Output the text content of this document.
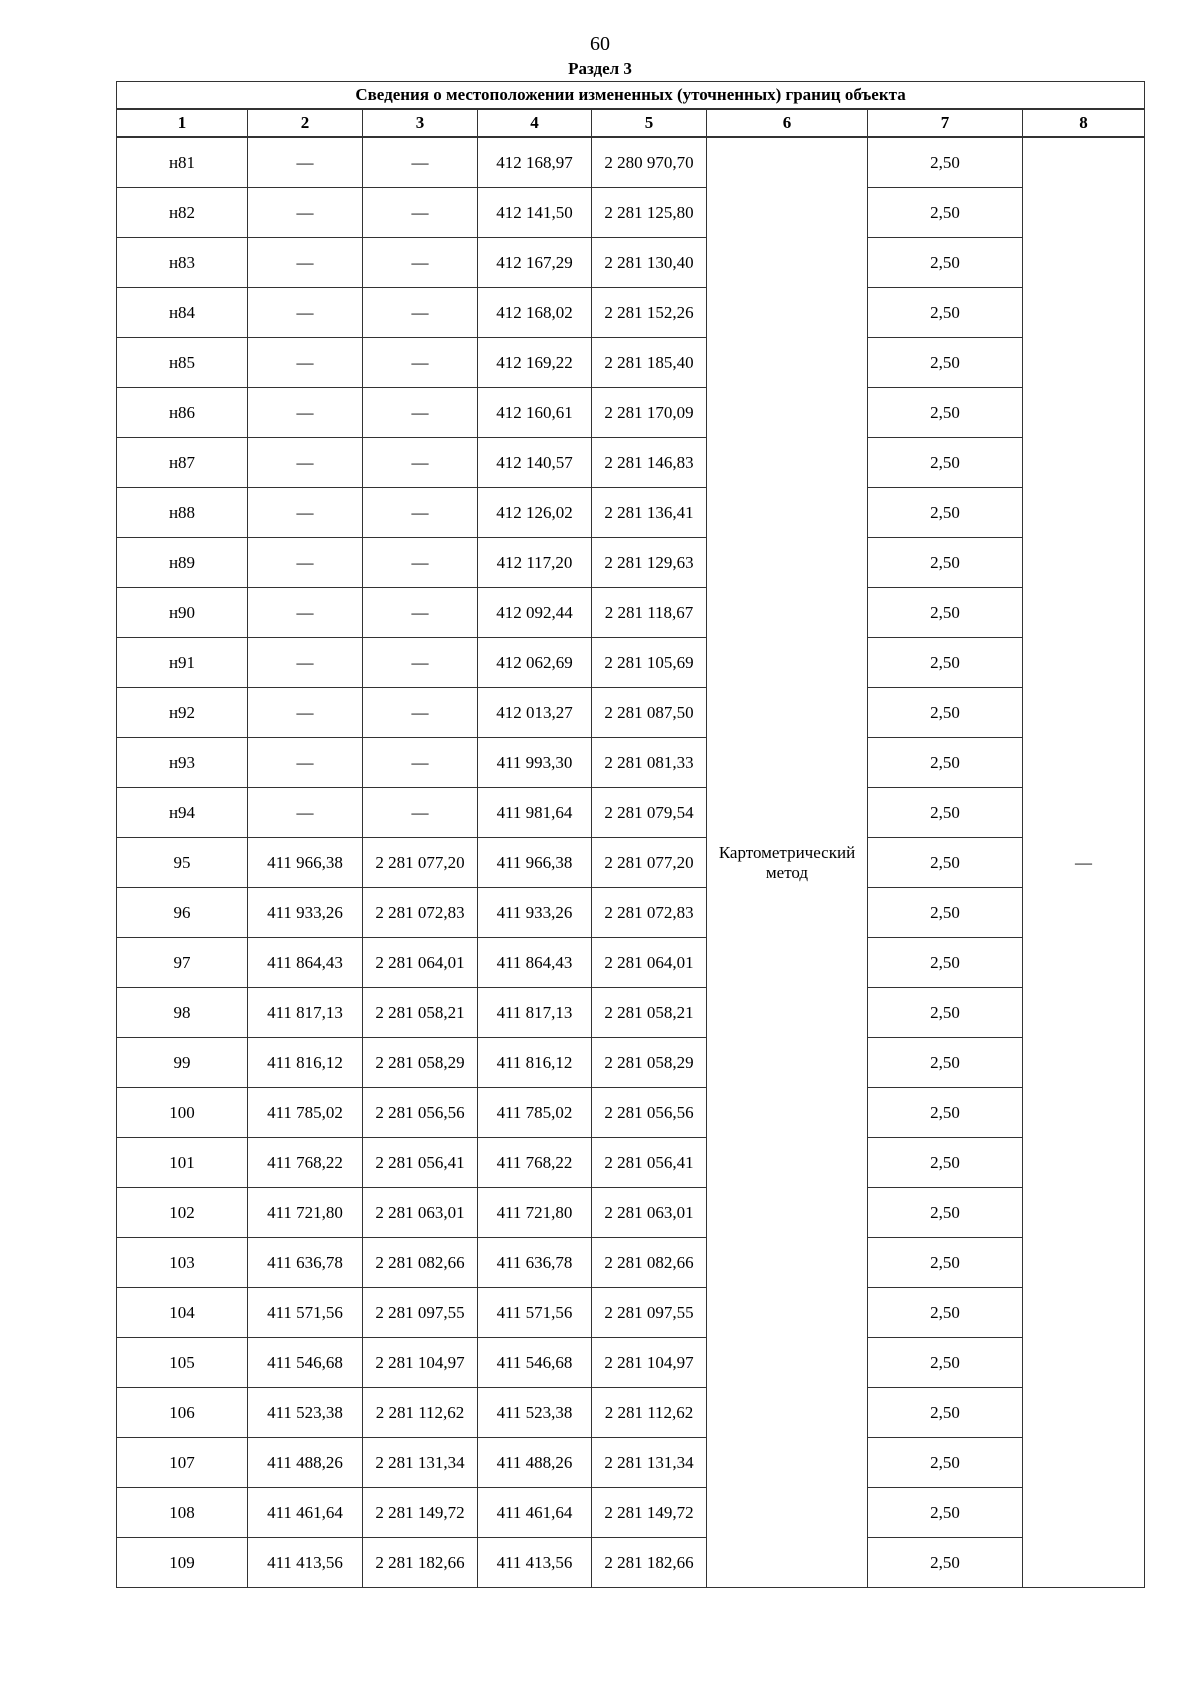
60
Раздел 3
Сведения о местоположении измененных (уточненных) границ объекта							
1	2	3	4	5	6	7	8
н81	—	—	412 168,97	2 280 970,70	Картометрический метод	2,50	—
н82	—	—	412 141,50	2 281 125,80		2,50	
н83	—	—	412 167,29	2 281 130,40		2,50	
н84	—	—	412 168,02	2 281 152,26		2,50	
н85	—	—	412 169,22	2 281 185,40		2,50	
н86	—	—	412 160,61	2 281 170,09		2,50	
н87	—	—	412 140,57	2 281 146,83		2,50	
н88	—	—	412 126,02	2 281 136,41		2,50	
н89	—	—	412 117,20	2 281 129,63		2,50	
н90	—	—	412 092,44	2 281 118,67		2,50	
н91	—	—	412 062,69	2 281 105,69		2,50	
н92	—	—	412 013,27	2 281 087,50		2,50	
н93	—	—	411 993,30	2 281 081,33		2,50	
н94	—	—	411 981,64	2 281 079,54		2,50	
95	411 966,38	2 281 077,20	411 966,38	2 281 077,20		2,50	
96	411 933,26	2 281 072,83	411 933,26	2 281 072,83		2,50	
97	411 864,43	2 281 064,01	411 864,43	2 281 064,01		2,50	
98	411 817,13	2 281 058,21	411 817,13	2 281 058,21		2,50	
99	411 816,12	2 281 058,29	411 816,12	2 281 058,29		2,50	
100	411 785,02	2 281 056,56	411 785,02	2 281 056,56		2,50	
101	411 768,22	2 281 056,41	411 768,22	2 281 056,41		2,50	
102	411 721,80	2 281 063,01	411 721,80	2 281 063,01		2,50	
103	411 636,78	2 281 082,66	411 636,78	2 281 082,66		2,50	
104	411 571,56	2 281 097,55	411 571,56	2 281 097,55		2,50	
105	411 546,68	2 281 104,97	411 546,68	2 281 104,97		2,50	
106	411 523,38	2 281 112,62	411 523,38	2 281 112,62		2,50	
107	411 488,26	2 281 131,34	411 488,26	2 281 131,34		2,50	
108	411 461,64	2 281 149,72	411 461,64	2 281 149,72		2,50	
109	411 413,56	2 281 182,66	411 413,56	2 281 182,66		2,50	
